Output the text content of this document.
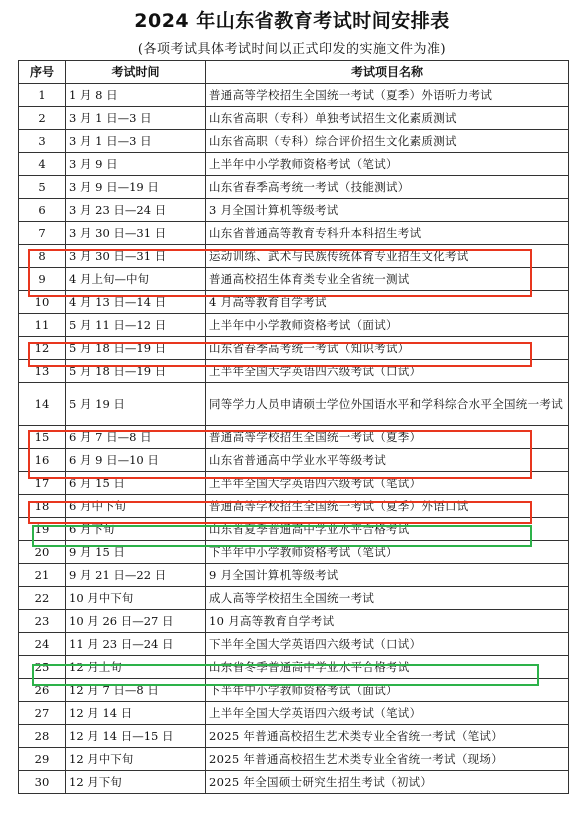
2024 年山东省教育考试时间安排表
(各项考试具体考试时间以正式印发的实施文件为准)
序号	考试时间	考试项目名称
1	1 月 8 日	普通高等学校招生全国统一考试（夏季）外语听力考试
2	3 月 1 日—3 日	山东省高职（专科）单独考试招生文化素质测试
3	3 月 1 日—3 日	山东省高职（专科）综合评价招生文化素质测试
4	3 月 9 日	上半年中小学教师资格考试（笔试）
5	3 月 9 日—19 日	山东省春季高考统一考试（技能测试）
6	3 月 23 日—24 日	3 月全国计算机等级考试
7	3 月 30 日—31 日	山东省普通高等教育专科升本科招生考试
8	3 月 30 日—31 日	运动训练、武术与民族传统体育专业招生文化考试
9	4 月上旬—中旬	普通高校招生体育类专业全省统一测试
10	4 月 13 日—14 日	4 月高等教育自学考试
11	5 月 11 日—12 日	上半年中小学教师资格考试（面试）
12	5 月 18 日—19 日	山东省春季高考统一考试（知识考试）
13	5 月 18 日—19 日	上半年全国大学英语四六级考试（口试）
14	5 月 19 日	同等学力人员申请硕士学位外国语水平和学科综合水平全国统一考试
15	6 月 7 日—8 日	普通高等学校招生全国统一考试（夏季）
16	6 月 9 日—10 日	山东省普通高中学业水平等级考试
17	6 月 15 日	上半年全国大学英语四六级考试（笔试）
18	6 月中下旬	普通高等学校招生全国统一考试（夏季）外语口试
19	6 月下旬	山东省夏季普通高中学业水平合格考试
20	9 月 15 日	下半年中小学教师资格考试（笔试）
21	9 月 21 日—22 日	9 月全国计算机等级考试
22	10 月中下旬	成人高等学校招生全国统一考试
23	10 月 26 日—27 日	10 月高等教育自学考试
24	11 月 23 日—24 日	下半年全国大学英语四六级考试（口试）
25	12 月上旬	山东省冬季普通高中学业水平合格考试
26	12 月 7 日—8 日	下半年中小学教师资格考试（面试）
27	12 月 14 日	上半年全国大学英语四六级考试（笔试）
28	12 月 14 日—15 日	2025 年普通高校招生艺术类专业全省统一考试（笔试）
29	12 月中下旬	2025 年普通高校招生艺术类专业全省统一考试（现场）
30	12 月下旬	2025 年全国硕士研究生招生考试（初试）
